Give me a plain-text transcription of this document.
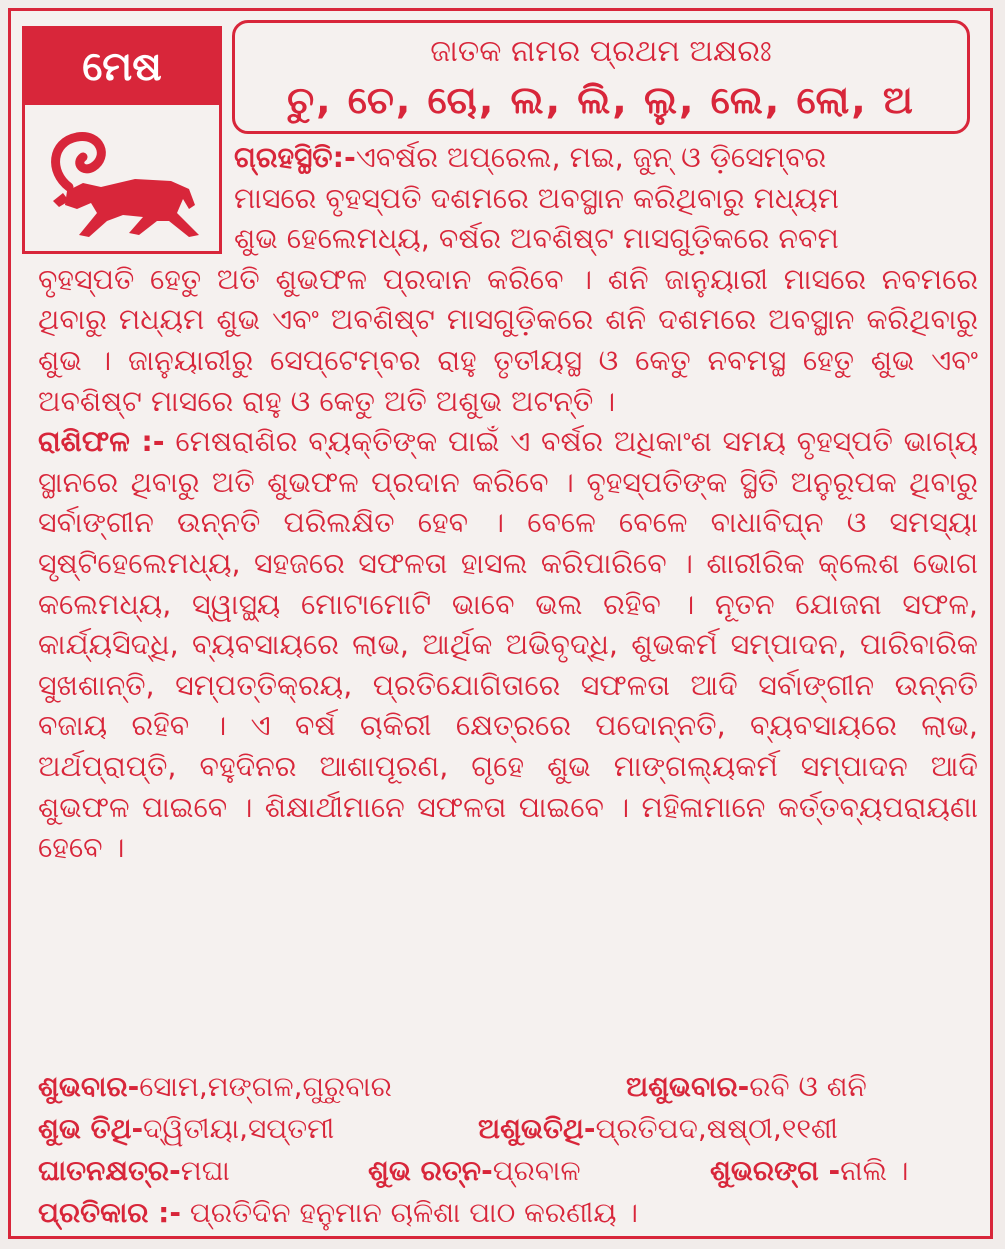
ମେଷ	ଜାତକ ନାମର ପ୍ରଥମ ଅକ୍ଷରଃ
ଚୁ, ଚେ, ଚୋ, ଲ, ଲି, ଲୁ, ଲେ, ଲୋ, ଅ
ଗ୍ରହସ୍ଥିତି:-ଏବର୍ଷର ଅପ୍ରେଲ, ମଇ, ଜୁନ୍ ଓ ଡ଼ିସେମ୍ବର
ମାସରେ ବୃହସ୍ପତି ଦଶମରେ ଅବସ୍ଥାନ କରିଥିବାରୁ ମଧ୍ୟମ
ଶୁଭ ହେଲେମଧ୍ୟ, ବର୍ଷର ଅବଶିଷ୍ଟ ମାସଗୁଡ଼ିକରେ ନବମ

ବୃହସ୍ପତି ହେତୁ ଅତି ଶୁଭଫଳ ପ୍ରଦାନ କରିବେ । ଶନି ଜାନୁୟାରୀ ମାସରେ ନବମରେ ଥିବାରୁ ମଧ୍ୟମ ଶୁଭ ଏବଂ ଅବଶିଷ୍ଟ ମାସଗୁଡ଼ିକରେ ଶନି ଦଶମରେ ଅବସ୍ଥାନ କରିଥିବାରୁ ଶୁଭ । ଜାନୁୟାରୀରୁ ସେପ୍ଟେମ୍ବର ରାହୁ ତୃତୀୟସ୍ଥ ଓ କେତୁ ନବମସ୍ଥ ହେତୁ ଶୁଭ ଏବଂ ଅବଶିଷ୍ଟ ମାସରେ ରାହୁ ଓ କେତୁ ଅତି ଅଶୁଭ ଅଟନ୍ତି ।

ରାଶିଫଳ :- ମେଷରାଶିର ବ୍ୟକ୍ତିଙ୍କ ପାଇଁ ଏ ବର୍ଷର ଅଧିକାଂଶ ସମୟ ବୃହସ୍ପତି ଭାଗ୍ୟ ସ୍ଥାନରେ ଥିବାରୁ ଅତି ଶୁଭଫଳ ପ୍ରଦାନ କରିବେ । ବୃହସ୍ପତିଙ୍କ ସ୍ଥିତି ଅନୁରୂପକ ଥିବାରୁ ସର୍ବାଙ୍ଗୀନ ଉନ୍ନତି ପରିଲକ୍ଷିତ ହେବ । ବେଳେ ବେଳେ ବାଧାବିଘ୍ନ ଓ ସମସ୍ୟା ସୃଷ୍ଟିହେଲେମଧ୍ୟ, ସହଜରେ ସଫଳତା ହାସଲ କରିପାରିବେ । ଶାରୀରିକ କ୍ଲେଶ ଭୋଗ କଲେମଧ୍ୟ, ସ୍ୱାସ୍ଥ୍ୟ ମୋଟାମୋଟି ଭାବେ ଭଲ ରହିବ । ନୂତନ ଯୋଜନା ସଫଳ, କାର୍ଯ୍ୟସିଦ୍ଧି, ବ୍ୟବସାୟରେ ଲାଭ, ଆର୍ଥିକ ଅଭିବୃଦ୍ଧି, ଶୁଭକର୍ମ ସମ୍ପାଦନ, ପାରିବାରିକ ସୁଖଶାନ୍ତି, ସମ୍ପତ୍ତିକ୍ରୟ, ପ୍ରତିଯୋଗିତାରେ ସଫଳତା ଆଦି ସର୍ବାଙ୍ଗୀନ ଉନ୍ନତି ବଜାୟ ରହିବ । ଏ ବର୍ଷ ଚାକିରୀ କ୍ଷେତ୍ରରେ ପଦୋନ୍ନତି, ବ୍ୟବସାୟରେ ଲାଭ, ଅର୍ଥପ୍ରାପ୍ତି, ବହୁଦିନର ଆଶାପୂରଣ, ଗୃହେ ଶୁଭ ମାଙ୍ଗଲ୍ୟକର୍ମ ସମ୍ପାଦନ ଆଦି ଶୁଭଫଳ ପାଇବେ । ଶିକ୍ଷାର୍ଥୀମାନେ ସଫଳତା ପାଇବେ । ମହିଳାମାନେ କର୍ତ୍ତବ୍ୟପରାୟଣା ହେବେ ।

ଶୁଭବାର-ସୋମ,ମଙ୍ଗଳ,ଗୁରୁବାର	ଅଶୁଭବାର-ରବି ଓ ଶନି
ଶୁଭ ତିଥି-ଦ୍ୱିତୀୟା,ସପ୍ତମୀ	ଅଶୁଭତିଥି-ପ୍ରତିପଦ,ଷଷ୍ଠୀ,୧୧ଶୀ
ଘାତନକ୍ଷତ୍ର-ମଘା	ଶୁଭ ରତ୍ନ-ପ୍ରବାଳ	ଶୁଭରଙ୍ଗ -ନାଲି ।
ପ୍ରତିକାର :- ପ୍ରତିଦିନ ହନୁମାନ ଚାଳିଶା ପାଠ କରଣୀୟ ।
